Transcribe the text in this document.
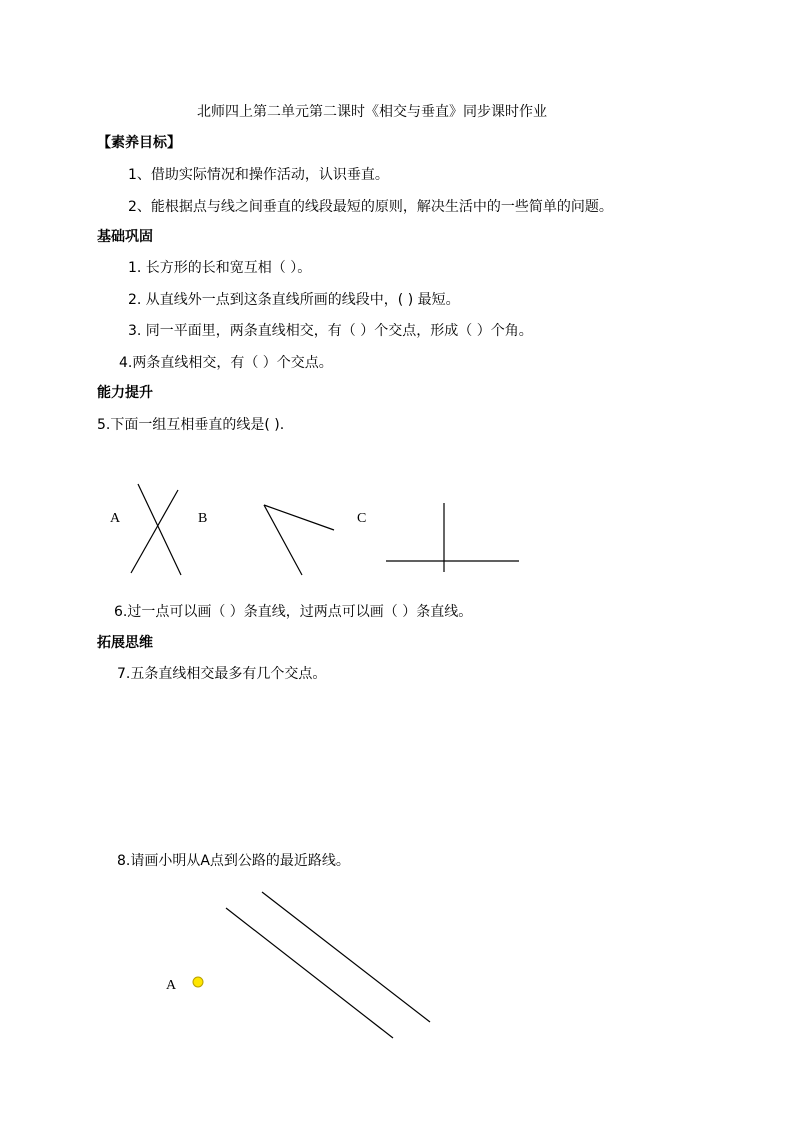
北师四上第二单元第二课时《相交与垂直》同步课时作业
【素养目标】
1、借助实际情况和操作活动，认识垂直。
2、能根据点与线之间垂直的线段最短的原则，解决生活中的一些简单的问题。
基础巩固
1. 长方形的长和宽互相（ ）。
2. 从直线外一点到这条直线所画的线段中，( ) 最短。
3. 同一平面里，两条直线相交，有（ ）个交点，形成（ ）个角。
4.两条直线相交，有（ ）个交点。
能力提升
5.下面一组互相垂直的线是( ).
A	B	C
6.过一点可以画（ ）条直线，过两点可以画（ ）条直线。
拓展思维
7.五条直线相交最多有几个交点。
8.请画小明从A点到公路的最近路线。
A
